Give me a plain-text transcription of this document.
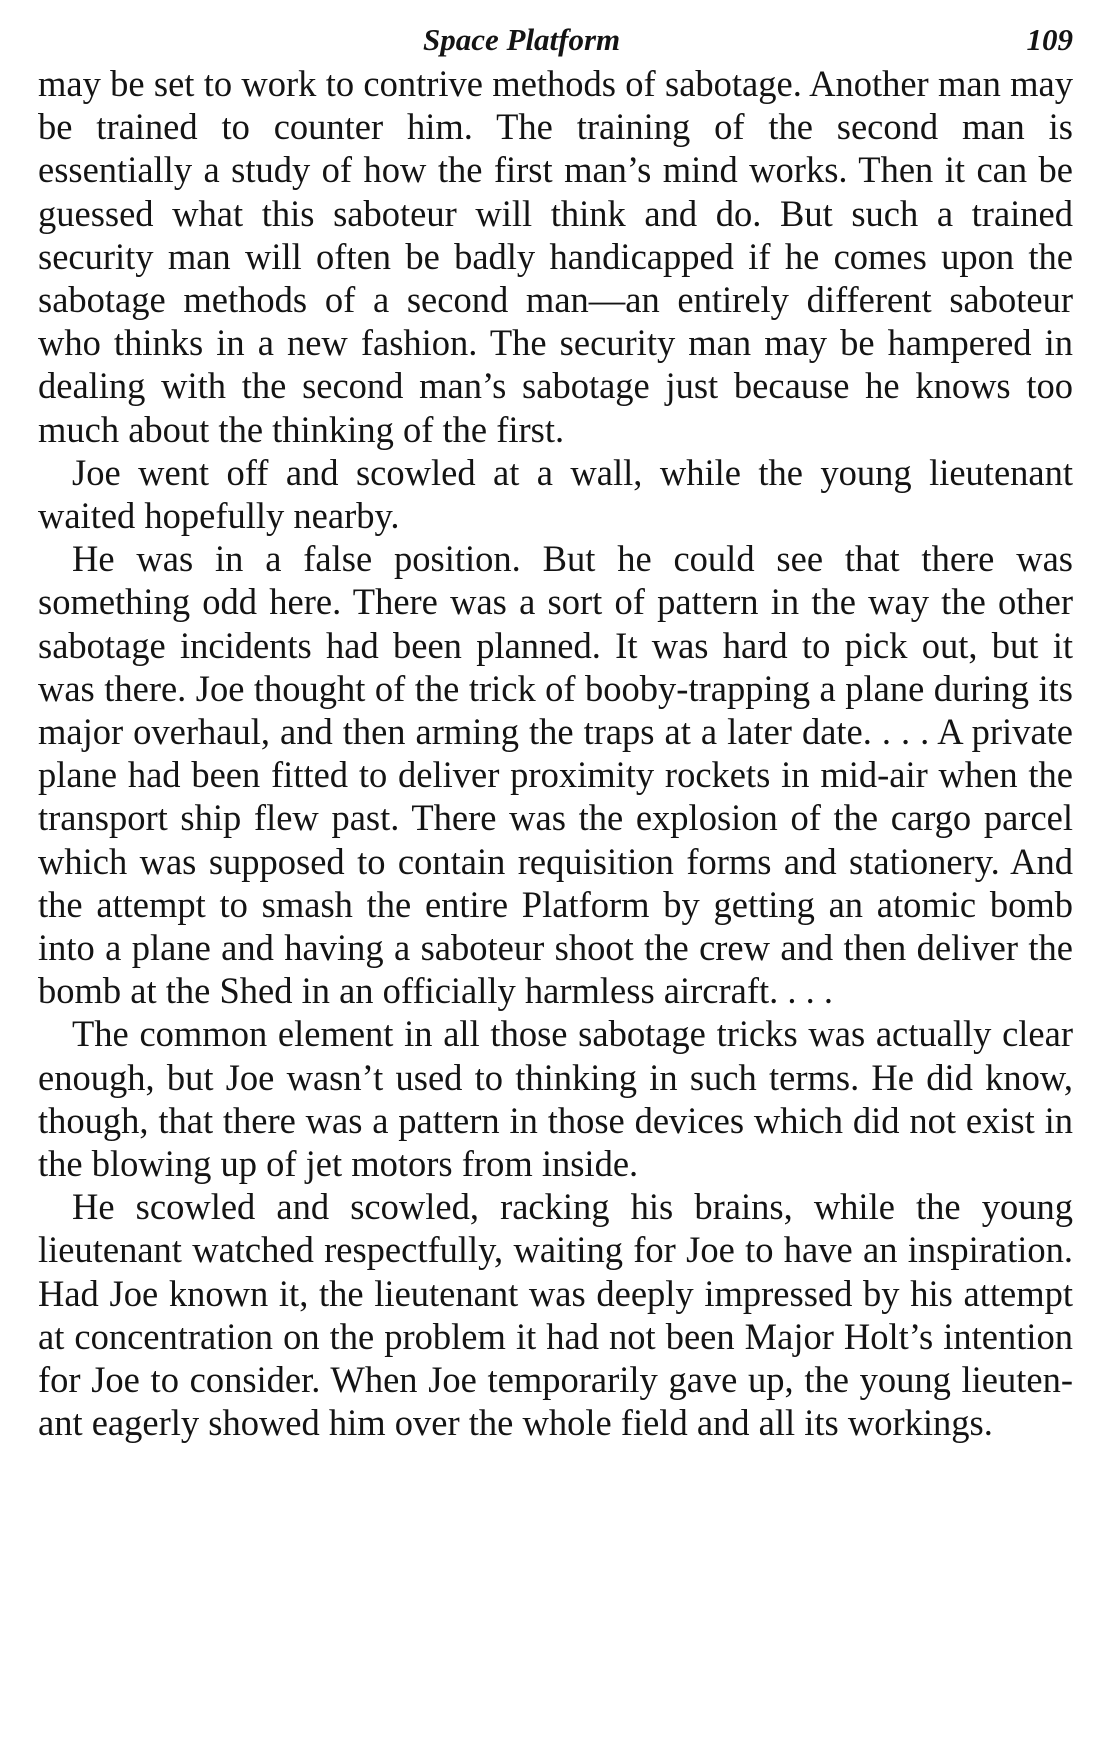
Space Platform	109

may be set to work to contrive methods of sabotage. Another man may be trained to counter him. The training of the second man is essentially a study of how the first man’s mind works. Then it can be guessed what this saboteur will think and do. But such a trained security man will often be badly handicapped if he comes upon the sabotage methods of a second man—an entirely different saboteur who thinks in a new fashion. The security man may be hampered in dealing with the second man’s sabotage just because he knows too much about the thinking of the first.

Joe went off and scowled at a wall, while the young lieutenant waited hopefully nearby.

He was in a false position. But he could see that there was something odd here. There was a sort of pattern in the way the other sabotage incidents had been planned. It was hard to pick out, but it was there. Joe thought of the trick of booby-trapping a plane during its major overhaul, and then arming the traps at a later date. . . . A private plane had been fitted to deliver proximity rockets in mid-air when the transport ship flew past. There was the explosion of the cargo parcel which was supposed to contain requisition forms and stationery. And the attempt to smash the entire Platform by getting an atomic bomb into a plane and having a saboteur shoot the crew and then deliver the bomb at the Shed in an officially harmless aircraft. . . .

The common element in all those sabotage tricks was actually clear enough, but Joe wasn’t used to thinking in such terms. He did know, though, that there was a pattern in those devices which did not exist in the blowing up of jet motors from inside.

He scowled and scowled, racking his brains, while the young lieutenant watched respectfully, waiting for Joe to have an inspiration. Had Joe known it, the lieutenant was deeply impressed by his attempt at concentration on the problem it had not been Major Holt’s intention for Joe to consider. When Joe temporarily gave up, the young lieutenant eagerly showed him over the whole field and all its workings.
